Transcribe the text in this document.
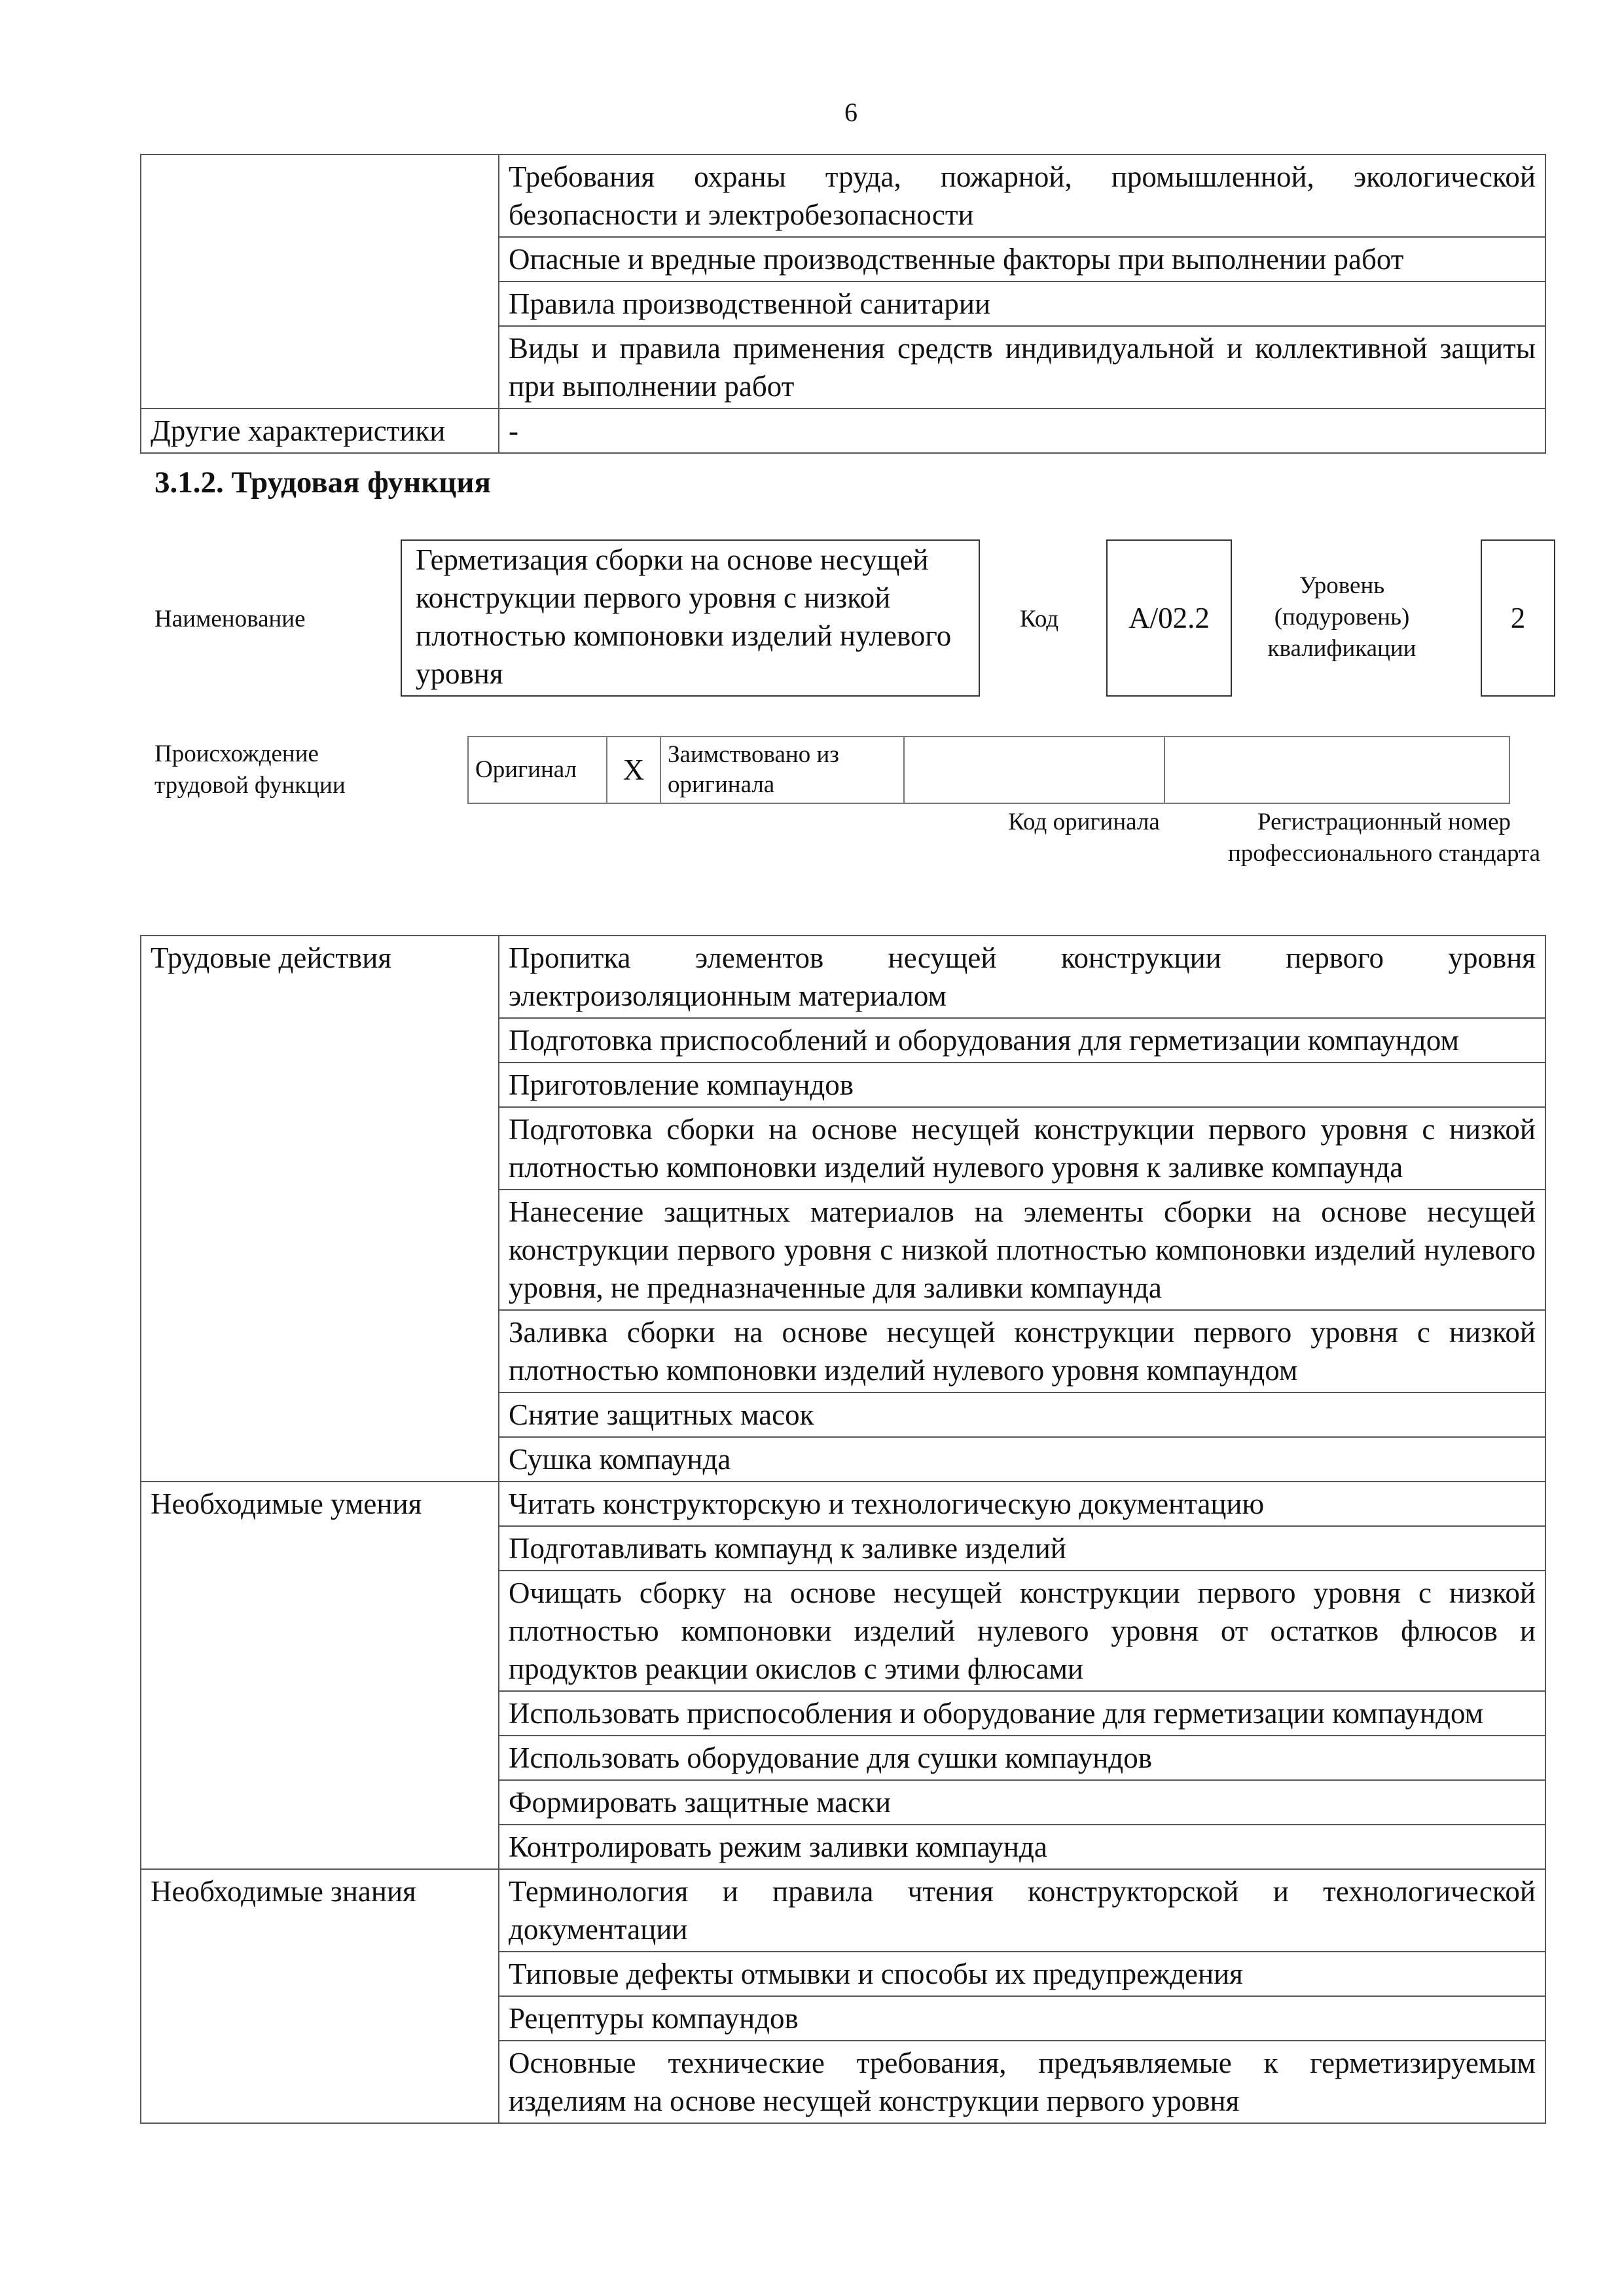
6
	Требования охраны труда, пожарной, промышленной, экологической безопасности и электробезопасности
	Опасные и вредные производственные факторы при выполнении работ
	Правила производственной санитарии
	Виды и правила применения средств индивидуальной и коллективной защиты при выполнении работ
Другие характеристики	-
3.1.2. Трудовая функция
Наименование
Герметизация сборки на основе несущей конструкции первого уровня с низкой плотностью компоновки изделий нулевого уровня
Код	A/02.2
Уровень (подуровень) квалификации
2
Происхождение трудовой функции
Оригинал	X	Заимствовано из оригинала		
Код оригинала	Регистрационный номер профессионального стандарта
Трудовые действия	Пропитка элементов несущей конструкции первого уровня электроизоляционным материалом
	Подготовка приспособлений и оборудования для герметизации компаундом
	Приготовление компаундов
	Подготовка сборки на основе несущей конструкции первого уровня с низкой плотностью компоновки изделий нулевого уровня к заливке компаунда
	Нанесение защитных материалов на элементы сборки на основе несущей конструкции первого уровня с низкой плотностью компоновки изделий нулевого уровня, не предназначенные для заливки компаунда
	Заливка сборки на основе несущей конструкции первого уровня с низкой плотностью компоновки изделий нулевого уровня компаундом
	Снятие защитных масок
	Сушка компаунда
Необходимые умения	Читать конструкторскую и технологическую документацию
	Подготавливать компаунд к заливке изделий
	Очищать сборку на основе несущей конструкции первого уровня с низкой плотностью компоновки изделий нулевого уровня от остатков флюсов и продуктов реакции окислов с этими флюсами
	Использовать приспособления и оборудование для герметизации компаундом
	Использовать оборудование для сушки компаундов
	Формировать защитные маски
	Контролировать режим заливки компаунда
Необходимые знания	Терминология и правила чтения конструкторской и технологической документации
	Типовые дефекты отмывки и способы их предупреждения
	Рецептуры компаундов
	Основные технические требования, предъявляемые к герметизируемым изделиям на основе несущей конструкции первого уровня
